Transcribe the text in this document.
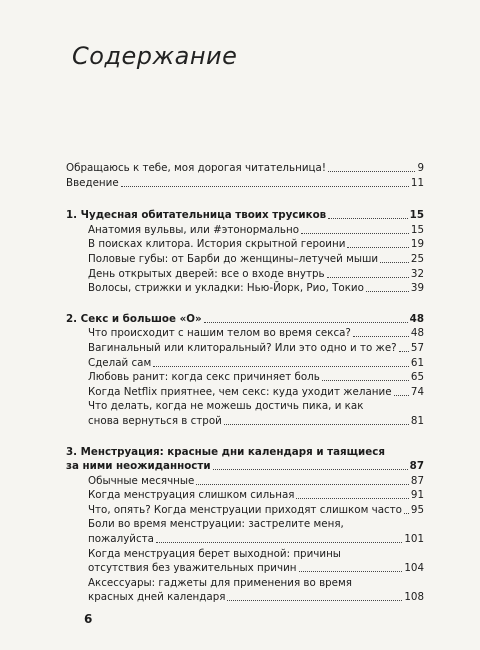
Содержание
Обращаюсь к тебе, моя дорогая читательница!	9
Введение	11
1. Чудесная обитательница твоих трусиков	15
Анатомия вульвы, или #этонормально	15
В поисках клитора. История скрытной героини	19
Половые губы: от Барби до женщины–летучей мыши	25
День открытых дверей: все о входе внутрь	32
Волосы, стрижки и укладки: Нью-Йорк, Рио, Токио	39
2. Секс и большое «О»	48
Что происходит с нашим телом во время секса?	48
Вагинальный или клиторальный? Или это одно и то же? 57
Сделай сам	61
Любовь ранит: когда секс причиняет боль	65
Когда Netflix приятнее, чем секс: куда уходит желание 74
Что делать, когда не можешь достичь пика, и как
снова вернуться в строй	81
3. Менструация: красные дни календаря и таящиеся
за ними неожиданности	87
Обычные месячные	87
Когда менструация слишком сильная	91
Что, опять? Когда менструации приходят слишком часто 95
Боли во время менструации: застрелите меня,
пожалуйста	101
Когда менструация берет выходной: причины
отсутствия без уважительных причин	104
Аксессуары: гаджеты для применения во время
красных дней календаря	108
6
